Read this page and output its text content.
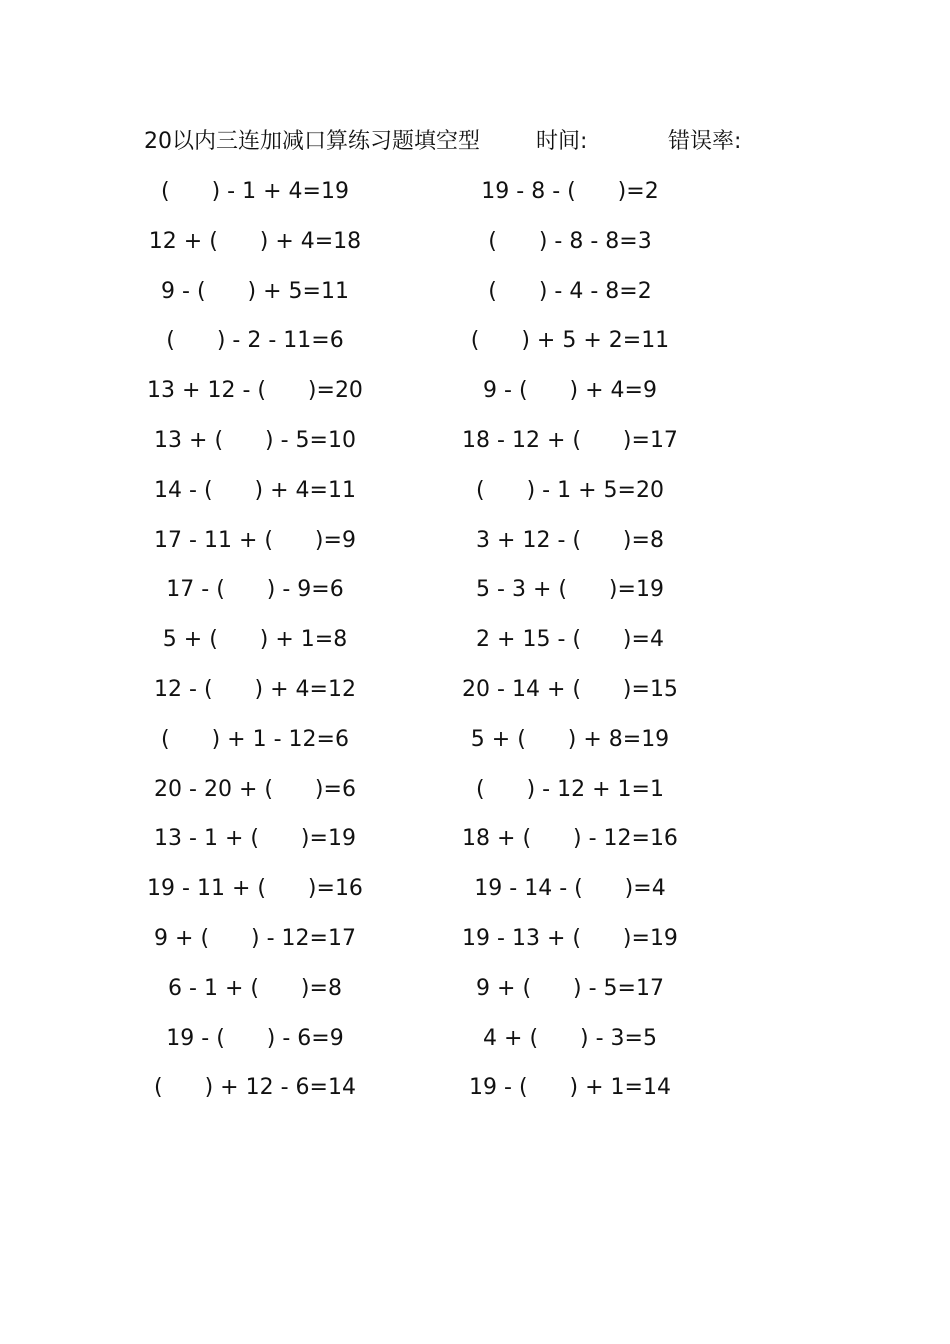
20以内三连加减口算练习题填空型	时间:	错误率:
(      ) - 1 + 4=19	19 - 8 - (      )=2
12 + (      ) + 4=18	(      ) - 8 - 8=3
9 - (      ) + 5=11	(      ) - 4 - 8=2
(      ) - 2 - 11=6	(      ) + 5 + 2=11
13 + 12 - (      )=20	9 - (      ) + 4=9
13 + (      ) - 5=10	18 - 12 + (      )=17
14 - (      ) + 4=11	(      ) - 1 + 5=20
17 - 11 + (      )=9	3 + 12 - (      )=8
17 - (      ) - 9=6	5 - 3 + (      )=19
5 + (      ) + 1=8	2 + 15 - (      )=4
12 - (      ) + 4=12	20 - 14 + (      )=15
(      ) + 1 - 12=6	5 + (      ) + 8=19
20 - 20 + (      )=6	(      ) - 12 + 1=1
13 - 1 + (      )=19	18 + (      ) - 12=16
19 - 11 + (      )=16	19 - 14 - (      )=4
9 + (      ) - 12=17	19 - 13 + (      )=19
6 - 1 + (      )=8	9 + (      ) - 5=17
19 - (      ) - 6=9	4 + (      ) - 3=5
(      ) + 12 - 6=14	19 - (      ) + 1=14
